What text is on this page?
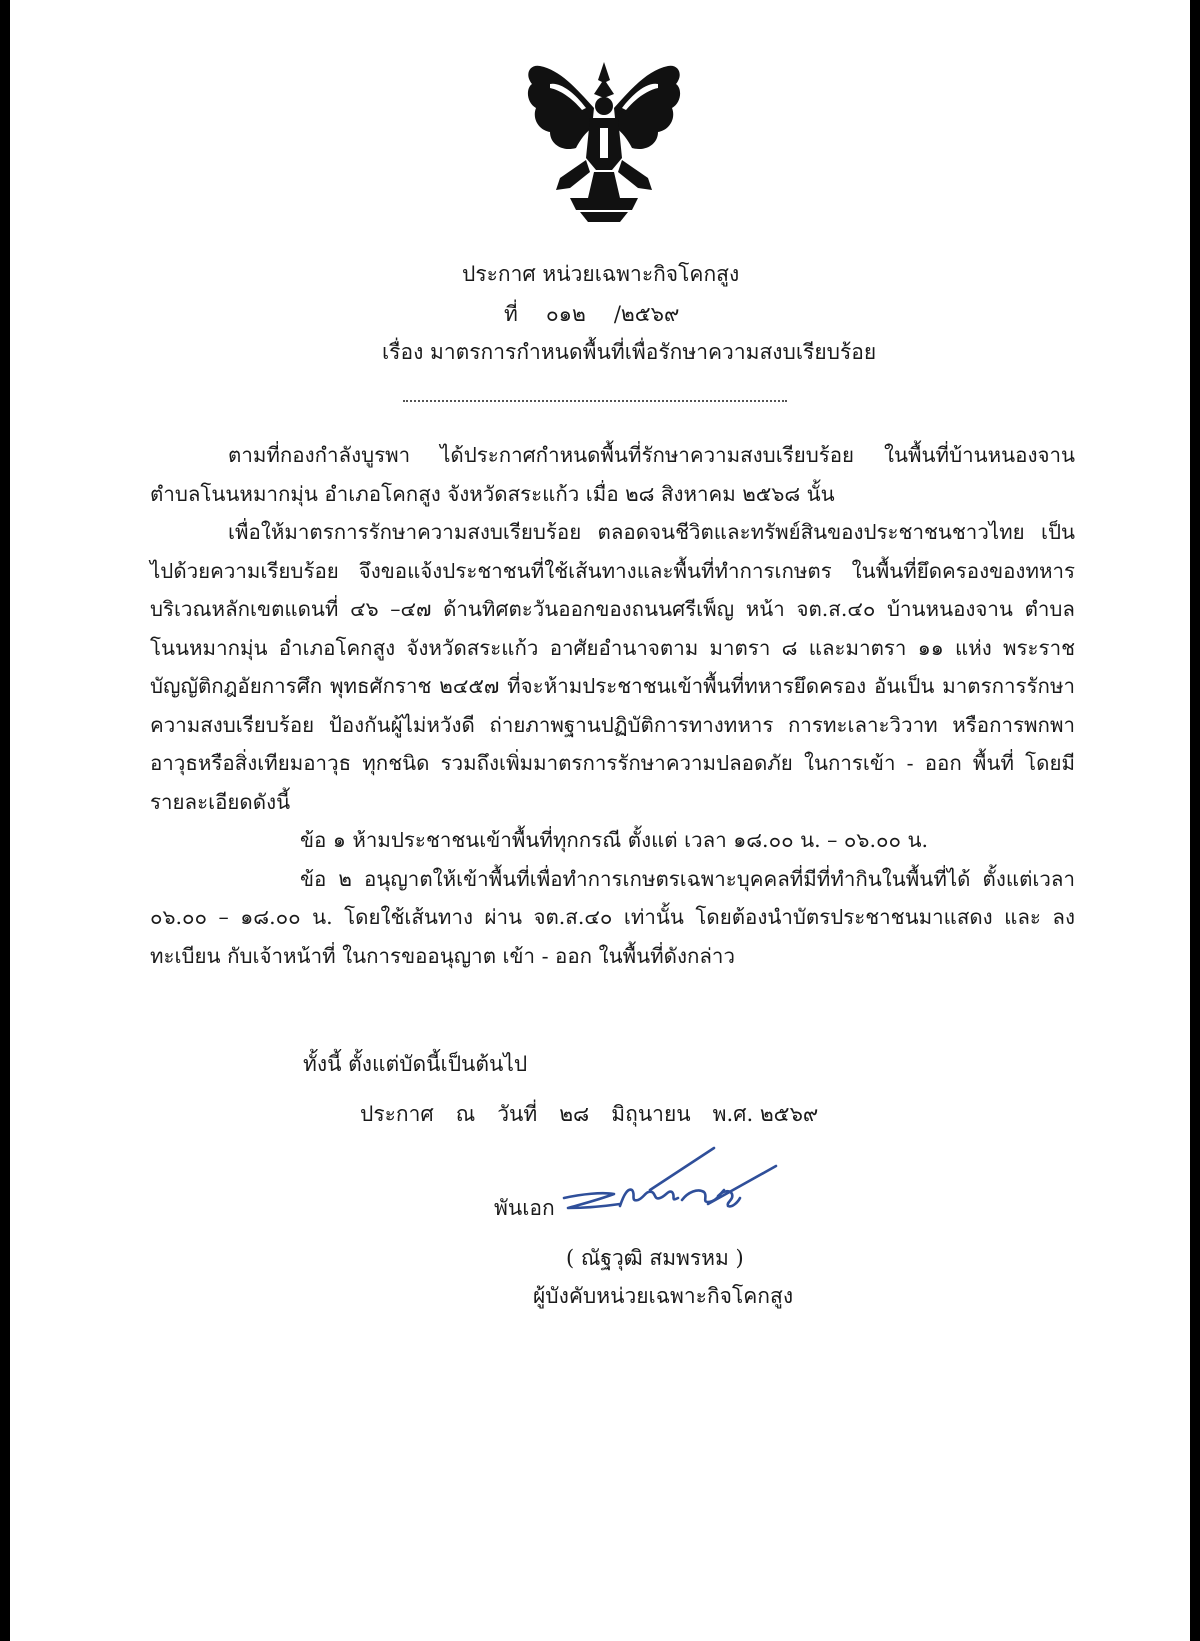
ประกาศ หน่วยเฉพาะกิจโคกสูง
ที่ ๐๑๒ /๒๕๖๙
เรื่อง มาตรการกำหนดพื้นที่เพื่อรักษาความสงบเรียบร้อย

ตามที่กองกำลังบูรพา ได้ประกาศกำหนดพื้นที่รักษาความสงบเรียบร้อย ในพื้นที่บ้านหนองจาน ตำบลโนนหมากมุ่น อำเภอโคกสูง จังหวัดสระแก้ว เมื่อ ๒๘ สิงหาคม ๒๕๖๘ นั้น

เพื่อให้มาตรการรักษาความสงบเรียบร้อย ตลอดจนชีวิตและทรัพย์สินของประชาชนชาวไทย เป็นไปด้วยความเรียบร้อย จึงขอแจ้งประชาชนที่ใช้เส้นทางและพื้นที่ทำการเกษตร ในพื้นที่ยึดครองของทหาร บริเวณหลักเขตแดนที่ ๔๖ –๔๗ ด้านทิศตะวันออกของถนนศรีเพ็ญ หน้า จต.ส.๔๐ บ้านหนองจาน ตำบลโนนหมากมุ่น อำเภอโคกสูง จังหวัดสระแก้ว อาศัยอำนาจตาม มาตรา ๘ และมาตรา ๑๑ แห่ง พระราชบัญญัติกฎอัยการศึก พุทธศักราช ๒๔๕๗ ที่จะห้ามประชาชนเข้าพื้นที่ทหารยึดครอง อันเป็น มาตรการรักษาความสงบเรียบร้อย ป้องกันผู้ไม่หวังดี ถ่ายภาพฐานปฏิบัติการทางทหาร การทะเลาะวิวาท หรือการพกพาอาวุธหรือสิ่งเทียมอาวุธ ทุกชนิด รวมถึงเพิ่มมาตรการรักษาความปลอดภัย ในการเข้า - ออก พื้นที่ โดยมีรายละเอียดดังนี้

ข้อ ๑ ห้ามประชาชนเข้าพื้นที่ทุกกรณี ตั้งแต่ เวลา ๑๘.๐๐ น. – ๐๖.๐๐ น.

ข้อ ๒ อนุญาตให้เข้าพื้นที่เพื่อทำการเกษตรเฉพาะบุคคลที่มีที่ทำกินในพื้นที่ได้ ตั้งแต่เวลา ๐๖.๐๐ – ๑๘.๐๐ น. โดยใช้เส้นทาง ผ่าน จต.ส.๔๐ เท่านั้น โดยต้องนำบัตรประชาชนมาแสดง และ ลงทะเบียน กับเจ้าหน้าที่ ในการขออนุญาต เข้า - ออก ในพื้นที่ดังกล่าว

ทั้งนี้ ตั้งแต่บัดนี้เป็นต้นไป
ประกาศ ณ วันที่ ๒๘ มิถุนายน พ.ศ. ๒๕๖๙
พันเอก
( ณัฐวุฒิ สมพรหม )
ผู้บังคับหน่วยเฉพาะกิจโคกสูง
